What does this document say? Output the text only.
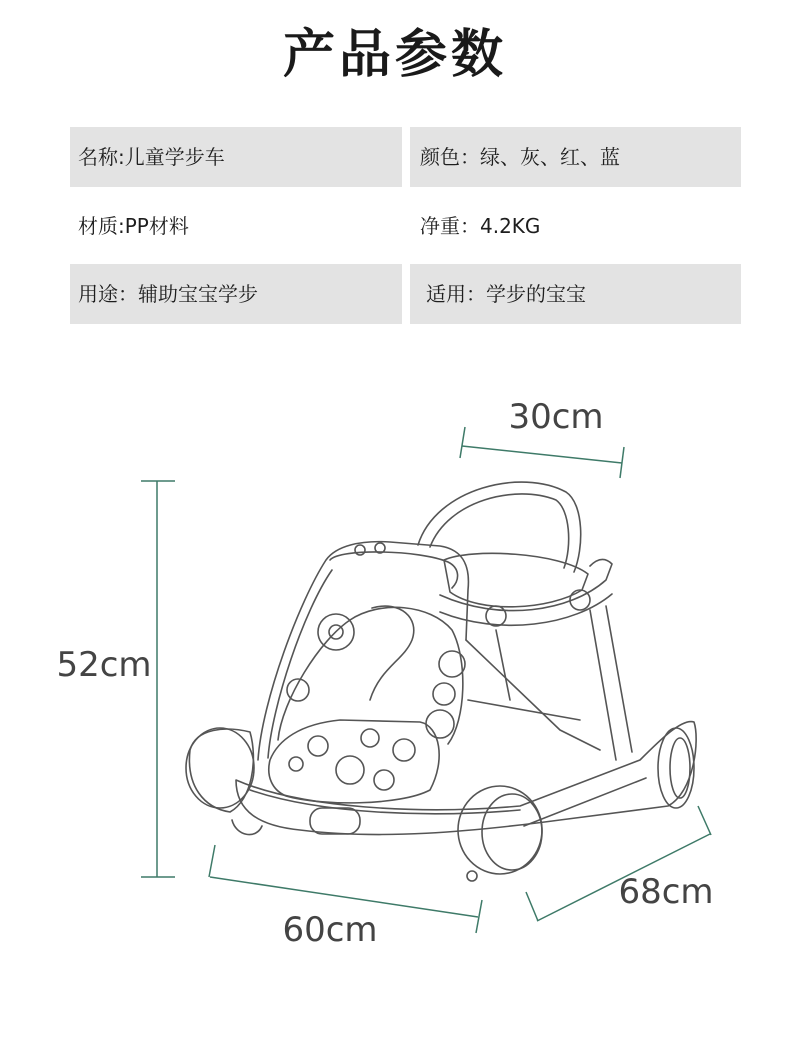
产品参数
名称:儿童学步车	颜色：绿、灰、红、蓝
材质:PP材料	净重：4.2KG
用途：辅助宝宝学步	适用：学步的宝宝
30cm
52cm
60cm
68cm
